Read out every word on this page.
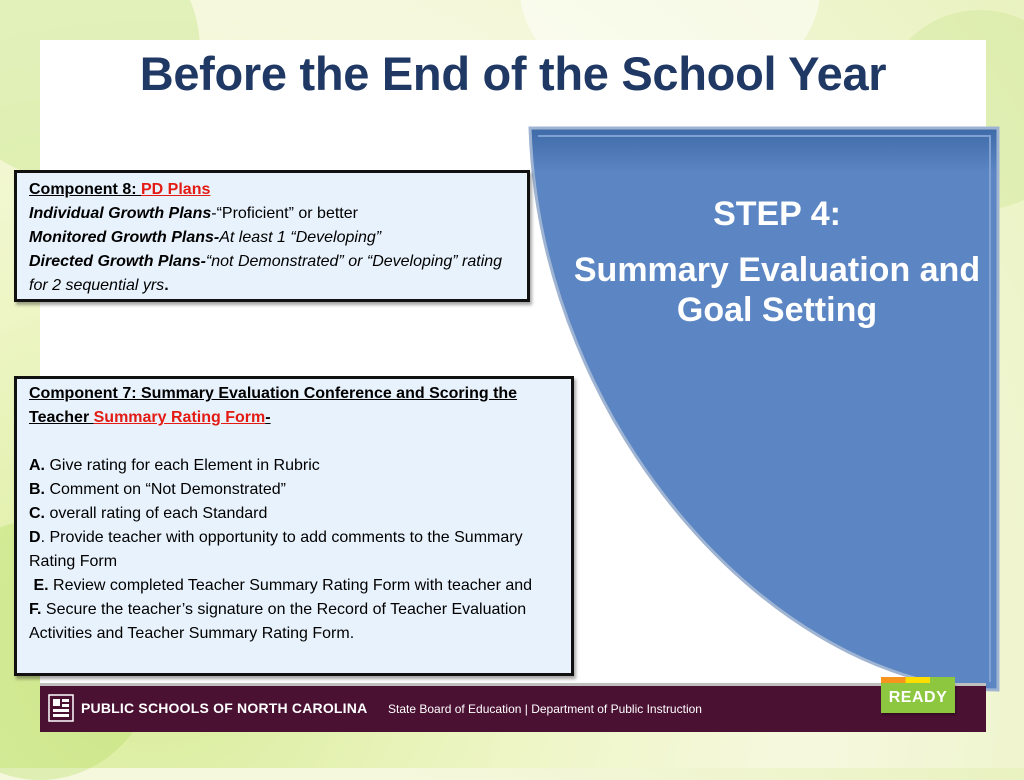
Before the End of the School Year
STEP 4:
Summary Evaluation and Goal Setting
Component 8: PD Plans
Individual Growth Plans-“Proficient” or better
Monitored Growth Plans-At least 1 “Developing”
Directed Growth Plans-“not Demonstrated” or “Developing” rating for 2 sequential yrs.
Component 7: Summary Evaluation Conference and Scoring the Teacher Summary Rating Form-
A. Give rating for each Element in Rubric
B. Comment on “Not Demonstrated”
C. overall rating of each Standard
D. Provide teacher with opportunity to add comments to the Summary Rating Form
E. Review completed Teacher Summary Rating Form with teacher and
F. Secure the teacher’s signature on the Record of Teacher Evaluation Activities and Teacher Summary Rating Form.
PUBLIC SCHOOLS OF NORTH CAROLINA State Board of Education | Department of Public Instruction
READY
